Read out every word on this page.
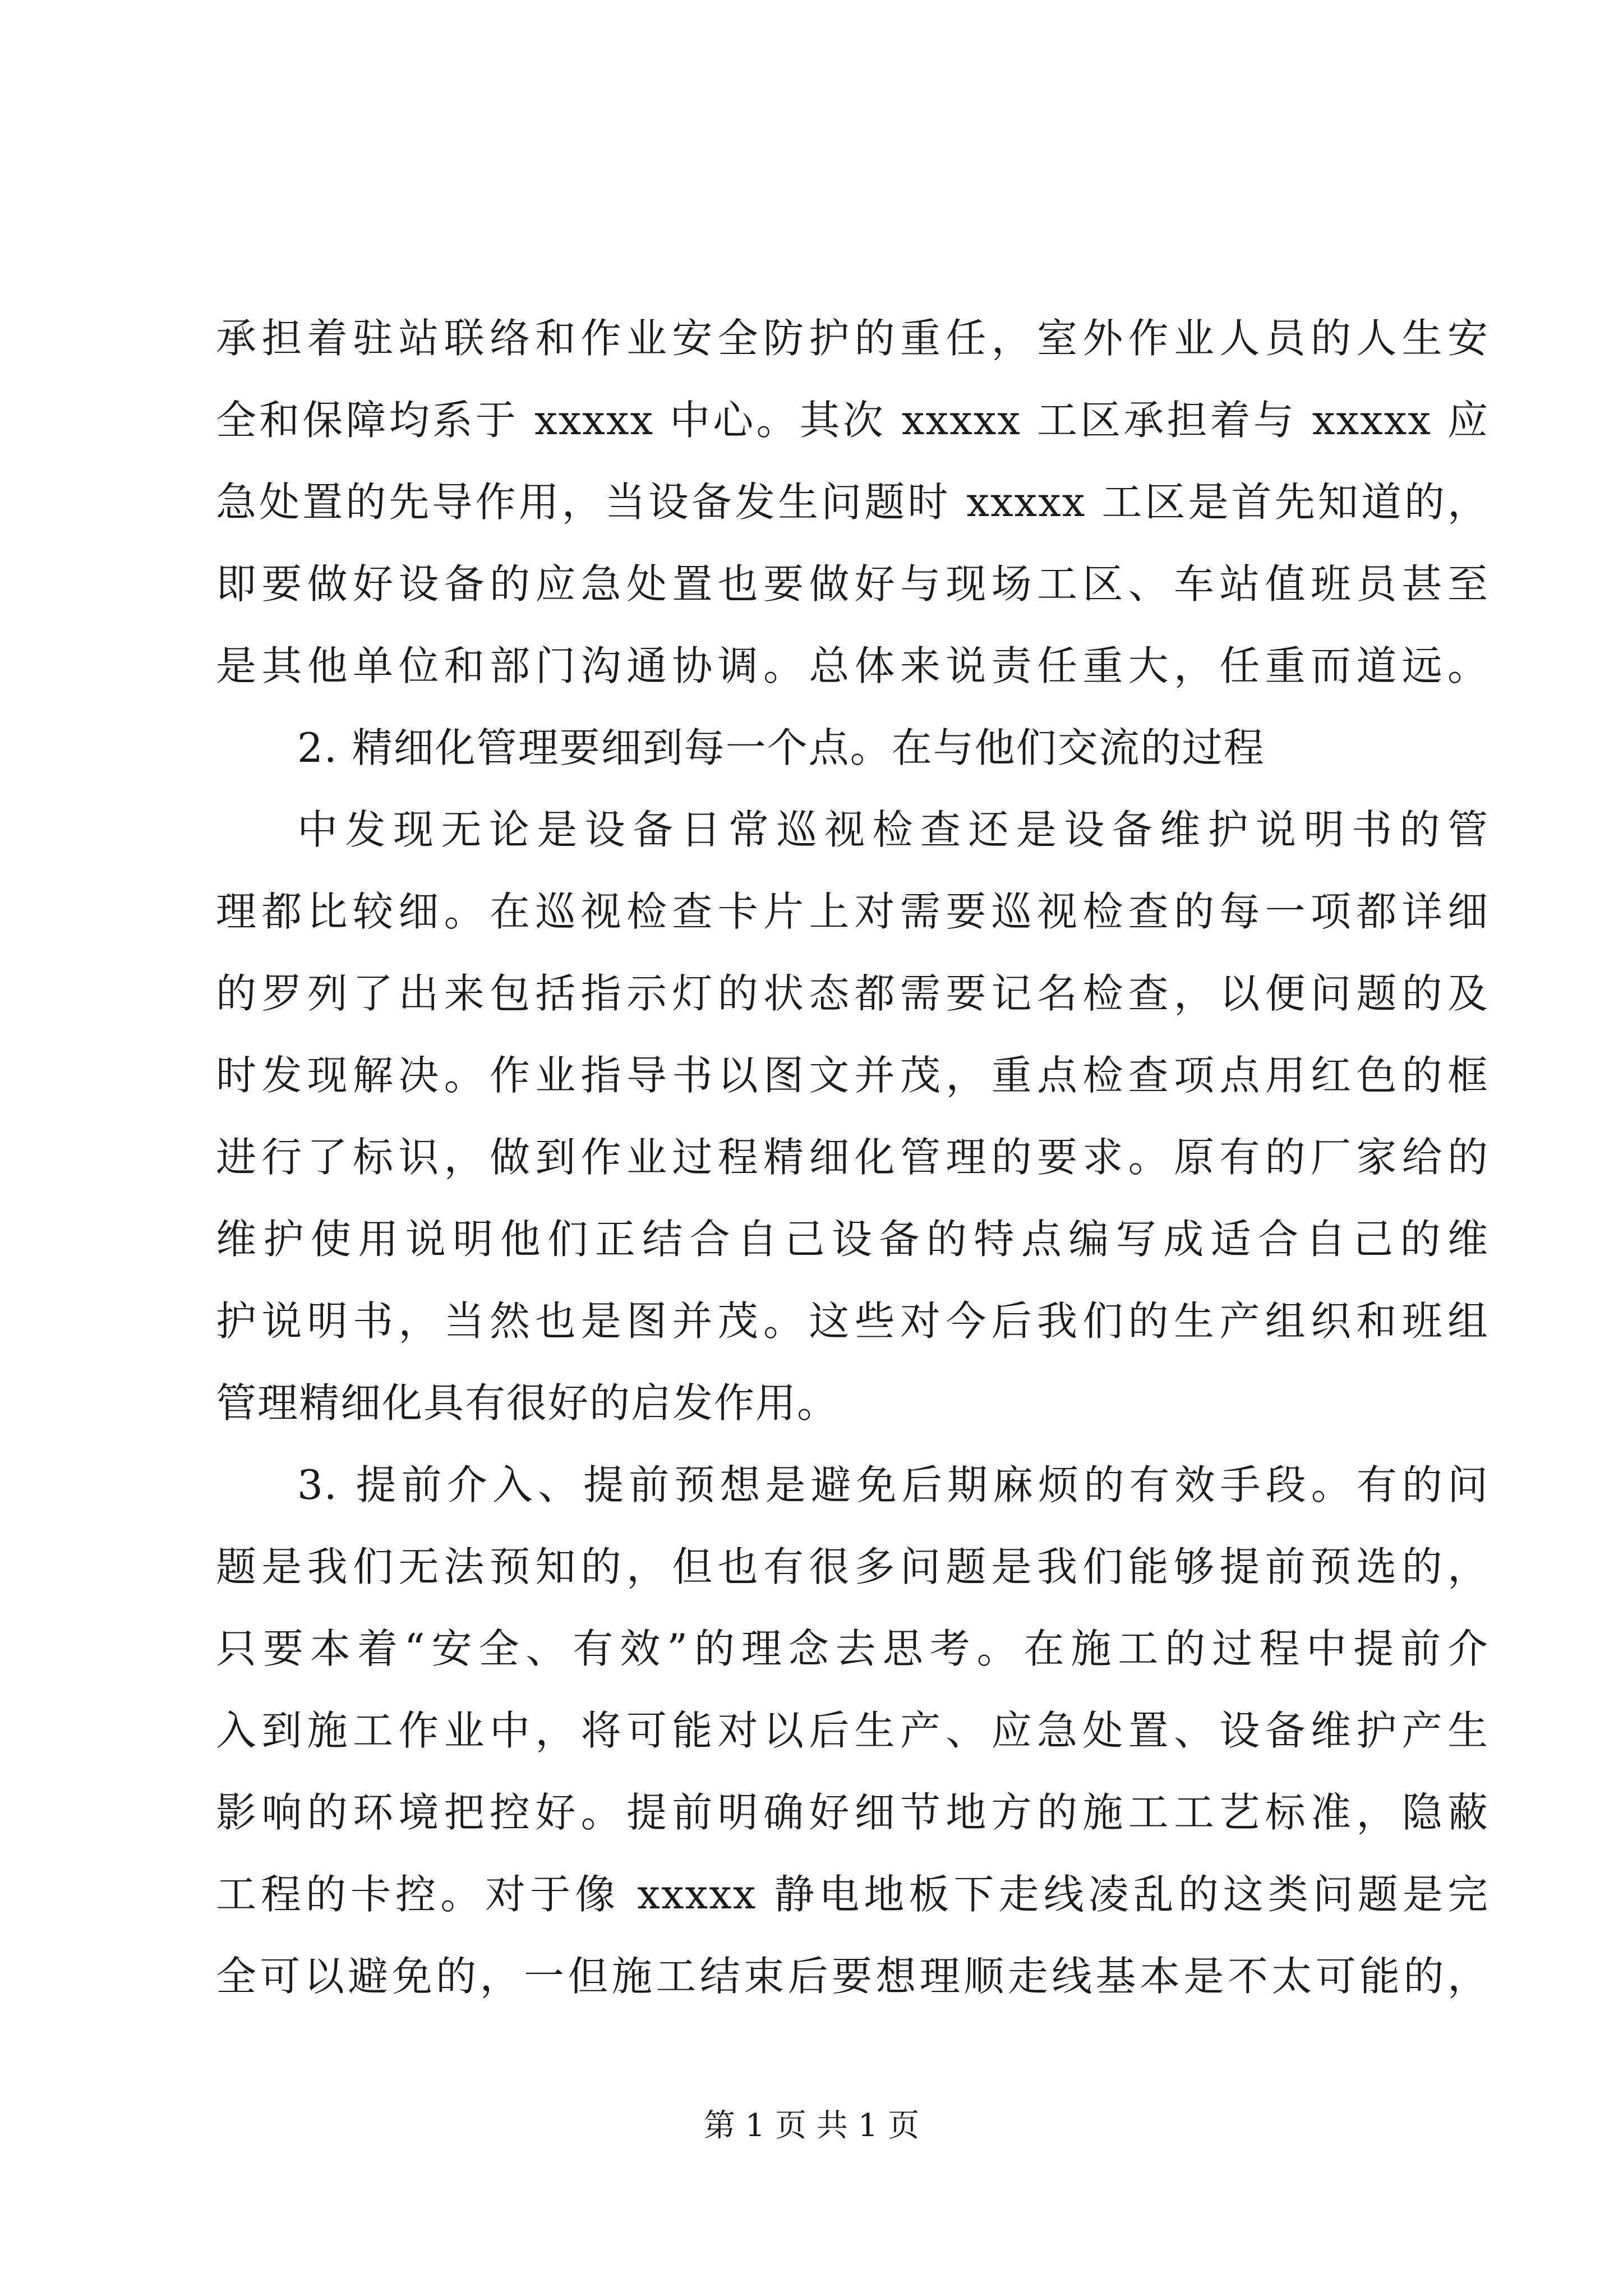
承担着驻站联络和作业安全防护的重任，室外作业人员的人生安

全和保障均系于 xxxxx 中心。其次 xxxxx 工区承担着与 xxxxx 应

急处置的先导作用，当设备发生问题时 xxxxx 工区是首先知道的，

即要做好设备的应急处置也要做好与现场工区、车站值班员甚至

是其他单位和部门沟通协调。总体来说责任重大，任重而道远。

2. 精细化管理要细到每一个点。在与他们交流的过程

中发现无论是设备日常巡视检查还是设备维护说明书的管

理都比较细。在巡视检查卡片上对需要巡视检查的每一项都详细

的罗列了出来包括指示灯的状态都需要记名检查，以便问题的及

时发现解决。作业指导书以图文并茂，重点检查项点用红色的框

进行了标识，做到作业过程精细化管理的要求。原有的厂家给的

维护使用说明他们正结合自己设备的特点编写成适合自己的维

护说明书，当然也是图并茂。这些对今后我们的生产组织和班组

管理精细化具有很好的启发作用。

3. 提前介入、提前预想是避免后期麻烦的有效手段。有的问

题是我们无法预知的，但也有很多问题是我们能够提前预选的，

只要本着“安全、有效”的理念去思考。在施工的过程中提前介

入到施工作业中，将可能对以后生产、应急处置、设备维护产生

影响的环境把控好。提前明确好细节地方的施工工艺标准，隐蔽

工程的卡控。对于像 xxxxx 静电地板下走线凌乱的这类问题是完

全可以避免的，一但施工结束后要想理顺走线基本是不太可能的，

第 1 页 共 1 页
